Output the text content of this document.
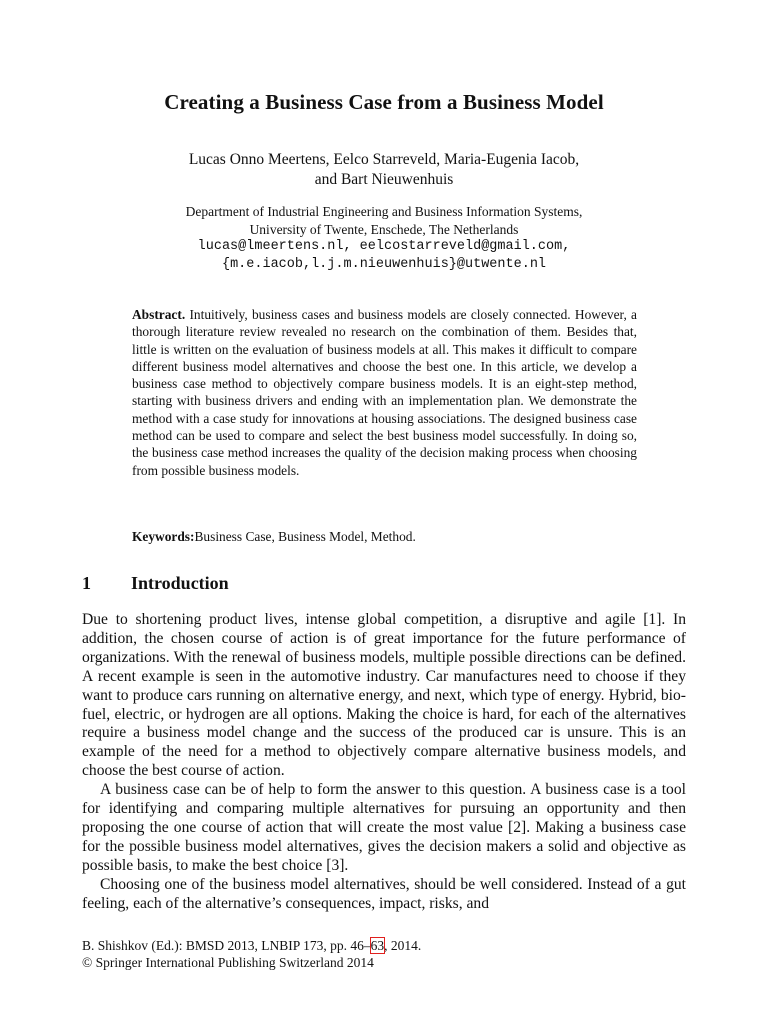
Creating a Business Case from a Business Model
Lucas Onno Meertens, Eelco Starreveld, Maria-Eugenia Iacob,
and Bart Nieuwenhuis
Department of Industrial Engineering and Business Information Systems,
University of Twente, Enschede, The Netherlands
lucas@lmeertens.nl, eelcostarreveld@gmail.com,
{m.e.iacob,l.j.m.nieuwenhuis}@utwente.nl
Abstract. Intuitively, business cases and business models are closely connected. However, a thorough literature review revealed no research on the combination of them. Besides that, little is written on the evaluation of business models at all. This makes it difficult to compare different business model alternatives and choose the best one. In this article, we develop a business case method to objectively compare business models. It is an eight-step method, starting with business drivers and ending with an implementation plan. We demonstrate the method with a case study for innovations at housing associations. The designed business case method can be used to compare and select the best business model successfully. In doing so, the business case method increases the quality of the decision making process when choosing from possible business models.
Keywords:Business Case, Business Model, Method.
1 Introduction

Due to shortening product lives, intense global competition, a disruptive and agile [1]. In addition, the chosen course of action is of great importance for the future performance of organizations. With the renewal of business models, multiple possible directions can be defined. A recent example is seen in the automotive industry. Car manufactures need to choose if they want to produce cars running on alternative energy, and next, which type of energy. Hybrid, bio-fuel, electric, or hydrogen are all options. Making the choice is hard, for each of the alternatives require a business model change and the success of the produced car is unsure. This is an example of the need for a method to objectively compare alternative business models, and choose the best course of action.

A business case can be of help to form the answer to this question. A business case is a tool for identifying and comparing multiple alternatives for pursuing an opportunity and then proposing the one course of action that will create the most value [2]. Making a business case for the possible business model alternatives, gives the decision makers a solid and objective as possible basis, to make the best choice [3].

Choosing one of the business model alternatives, should be well considered. Instead of a gut feeling, each of the alternative’s consequences, impact, risks, and

B. Shishkov (Ed.): BMSD 2013, LNBIP 173, pp. 46–63, 2014.
© Springer International Publishing Switzerland 2014
